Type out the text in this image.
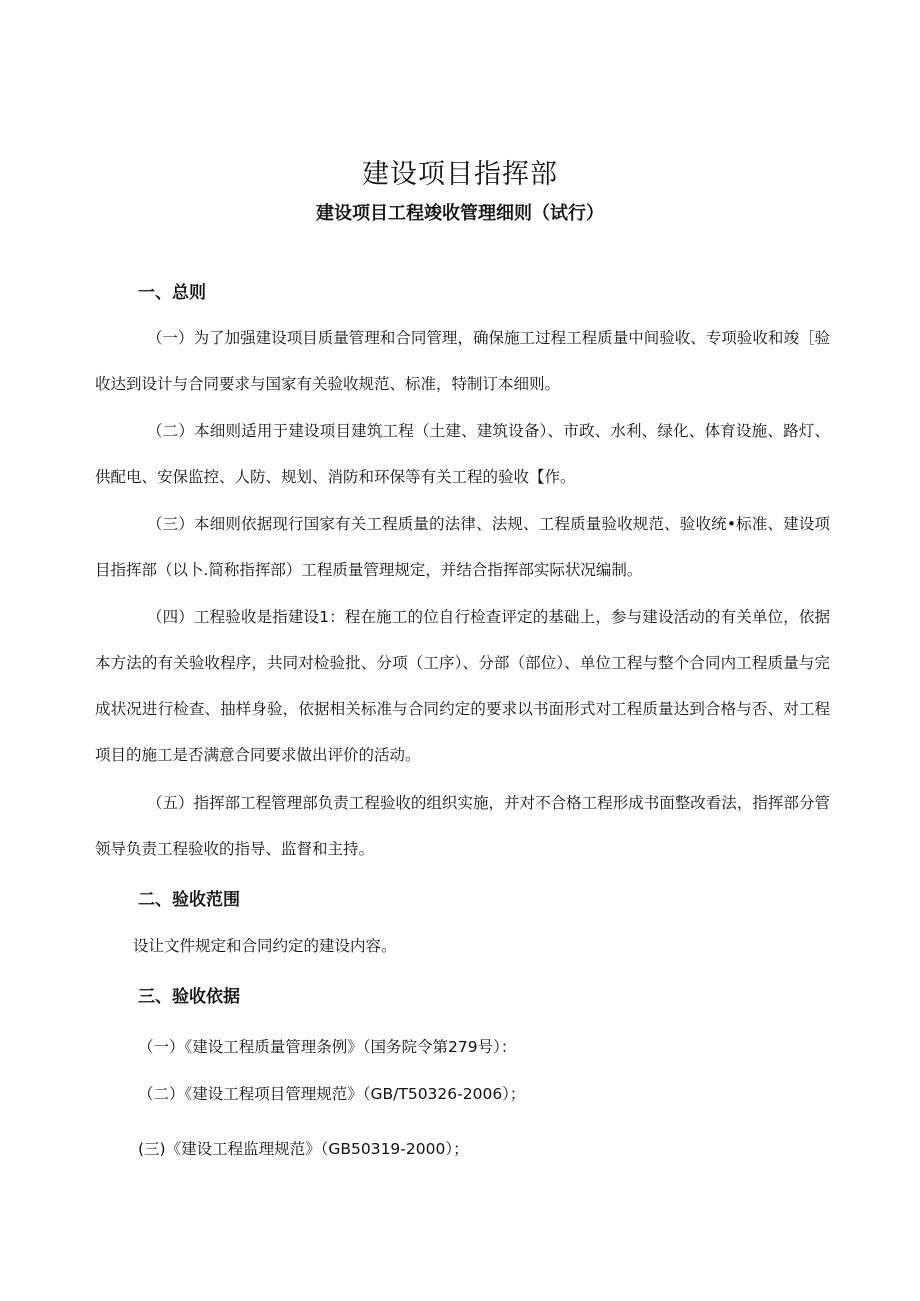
建设项目指挥部
建设项目工程竣收管理细则（试行）
一、总则

（一）为了加强建设项目质量管理和合同管理，确保施工过程工程质量中间验收、专项验收和竣［验收达到设计与合同要求与国家有关验收规范、标准，特制订本细则。

（二）本细则适用于建设项目建筑工程（土建、建筑设备）、市政、水利、绿化、体育设施、路灯、供配电、安保监控、人防、规划、消防和环保等有关工程的验收【作。

（三）本细则依据现行国家有关工程质量的法律、法规、工程质量验收规范、验收统•标准、建设项目指挥部（以卜.简称指挥部）工程质量管理规定，并结合指挥部实际状况编制。

（四）工程验收是指建设1：程在施工的位自行检查评定的基础上，参与建设活动的有关单位，依据本方法的有关验收程序，共同对检验批、分项（工序）、分部（部位）、单位工程与整个合同内工程质量与完成状况进行检查、抽样身验，依据相关标准与合同约定的要求以书面形式对工程质量达到合格与否、对工程项目的施工是否满意合同要求做出评价的活动。

（五）指挥部工程管理部负责工程验收的组织实施，并对不合格工程形成书面整改看法，指挥部分管领导负责工程验收的指导、监督和主持。

二、验收范围
设让文件规定和合同约定的建设内容。
三、验收依据
（一）《建设工程质量管理条例》（国务院令第279号）：
（二）《建设工程项目管理规范》（GB/T50326-2006）；
(三)《建设工程监理规范》（GB50319-2000）；
